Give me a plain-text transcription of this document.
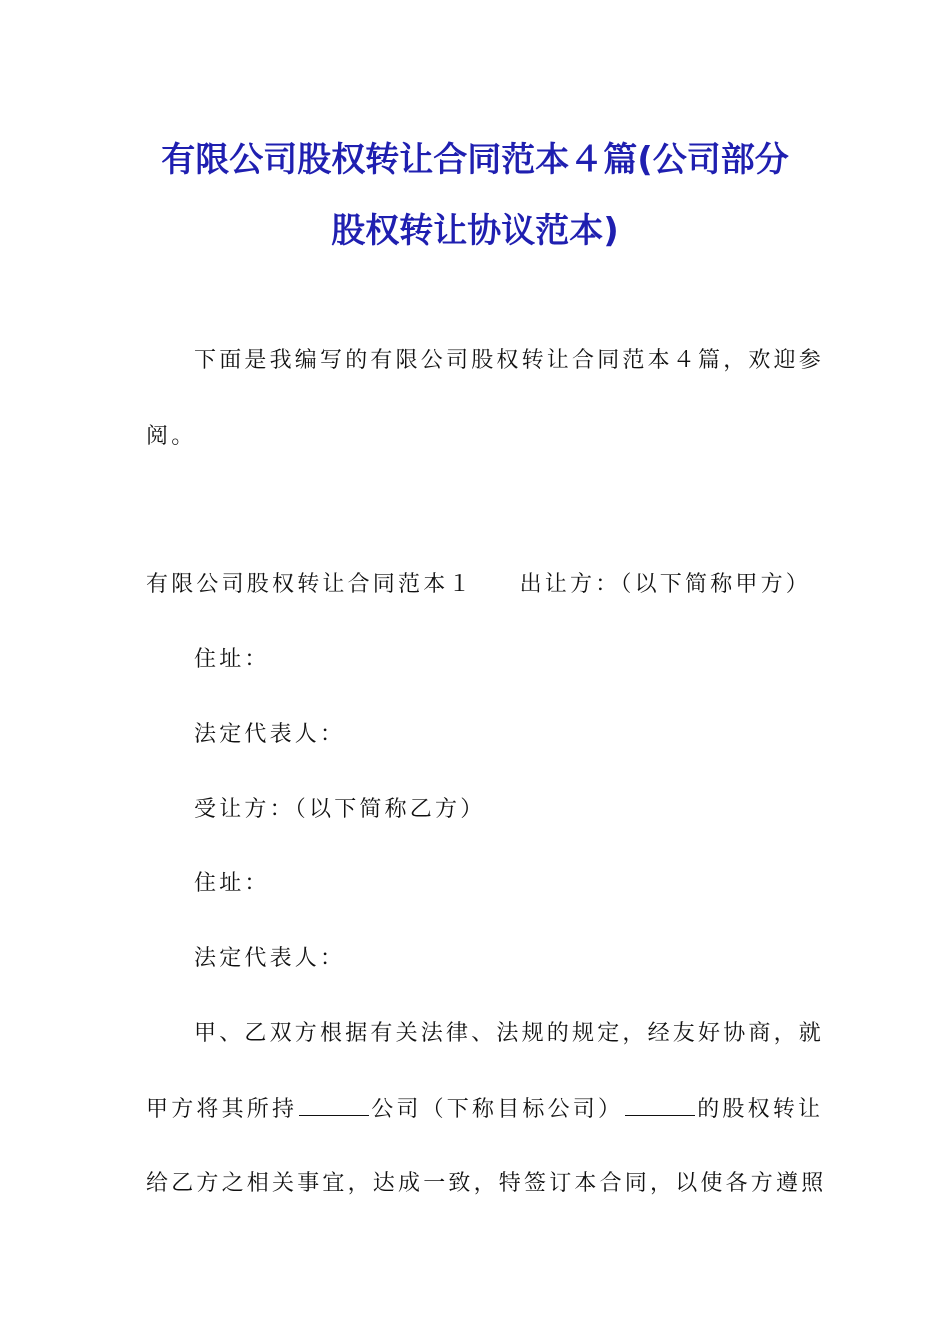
有限公司股权转让合同范本４篇(公司部分
股权转让协议范本)
下面是我编写的有限公司股权转让合同范本４篇，欢迎参
阅。
有限公司股权转让合同范本１ 出让方：（以下简称甲方）
住址：
法定代表人：
受让方：（以下简称乙方）
住址：
法定代表人：
甲、乙双方根据有关法律、法规的规定，经友好协商，就
甲方将其所持	公司（下称目标公司）	的股权转让
给乙方之相关事宜，达成一致，特签订本合同，以使各方遵照
